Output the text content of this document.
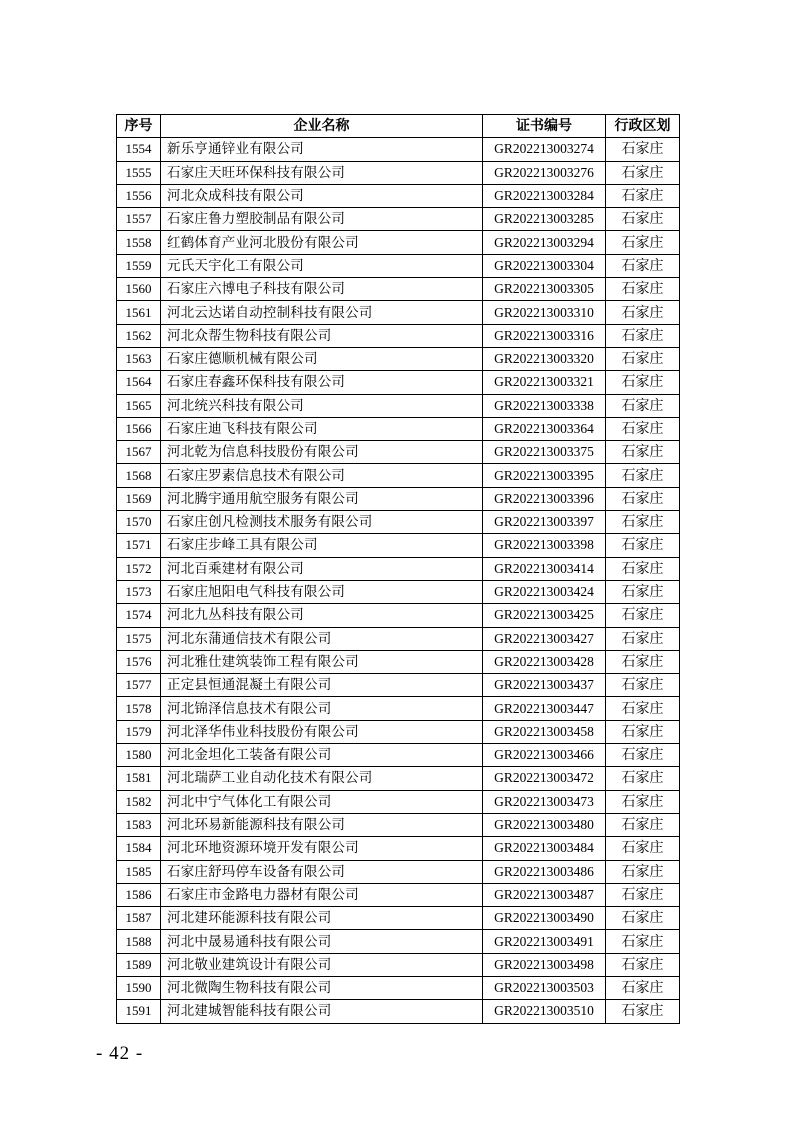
序号	企业名称	证书编号	行政区划
1554	新乐亨通锌业有限公司	GR202213003274	石家庄
1555	石家庄天旺环保科技有限公司	GR202213003276	石家庄
1556	河北众成科技有限公司	GR202213003284	石家庄
1557	石家庄鲁力塑胶制品有限公司	GR202213003285	石家庄
1558	红鹤体育产业河北股份有限公司	GR202213003294	石家庄
1559	元氏天宇化工有限公司	GR202213003304	石家庄
1560	石家庄六博电子科技有限公司	GR202213003305	石家庄
1561	河北云达诺自动控制科技有限公司	GR202213003310	石家庄
1562	河北众帮生物科技有限公司	GR202213003316	石家庄
1563	石家庄德顺机械有限公司	GR202213003320	石家庄
1564	石家庄春鑫环保科技有限公司	GR202213003321	石家庄
1565	河北统兴科技有限公司	GR202213003338	石家庄
1566	石家庄迪飞科技有限公司	GR202213003364	石家庄
1567	河北乾为信息科技股份有限公司	GR202213003375	石家庄
1568	石家庄罗素信息技术有限公司	GR202213003395	石家庄
1569	河北腾宇通用航空服务有限公司	GR202213003396	石家庄
1570	石家庄创凡检测技术服务有限公司	GR202213003397	石家庄
1571	石家庄步峰工具有限公司	GR202213003398	石家庄
1572	河北百乘建材有限公司	GR202213003414	石家庄
1573	石家庄旭阳电气科技有限公司	GR202213003424	石家庄
1574	河北九丛科技有限公司	GR202213003425	石家庄
1575	河北东蒲通信技术有限公司	GR202213003427	石家庄
1576	河北雅仕建筑装饰工程有限公司	GR202213003428	石家庄
1577	正定县恒通混凝土有限公司	GR202213003437	石家庄
1578	河北锦泽信息技术有限公司	GR202213003447	石家庄
1579	河北泽华伟业科技股份有限公司	GR202213003458	石家庄
1580	河北金坦化工装备有限公司	GR202213003466	石家庄
1581	河北瑞萨工业自动化技术有限公司	GR202213003472	石家庄
1582	河北中宁气体化工有限公司	GR202213003473	石家庄
1583	河北环易新能源科技有限公司	GR202213003480	石家庄
1584	河北环地资源环境开发有限公司	GR202213003484	石家庄
1585	石家庄舒玛停车设备有限公司	GR202213003486	石家庄
1586	石家庄市金路电力器材有限公司	GR202213003487	石家庄
1587	河北建环能源科技有限公司	GR202213003490	石家庄
1588	河北中晟易通科技有限公司	GR202213003491	石家庄
1589	河北敬业建筑设计有限公司	GR202213003498	石家庄
1590	河北微陶生物科技有限公司	GR202213003503	石家庄
1591	河北建城智能科技有限公司	GR202213003510	石家庄
- 42 -
